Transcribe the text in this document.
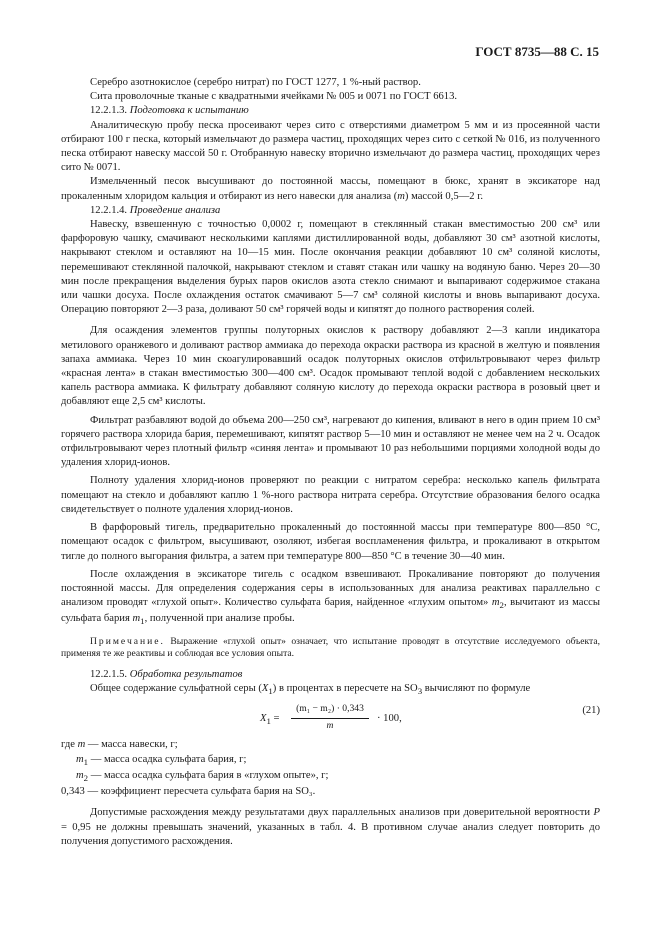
ГОСТ 8735—88 С. 15

Серебро азотнокислое (серебро нитрат) по ГОСТ 1277, 1 %-ный раствор.

Сита проволочные тканые с квадратными ячейками № 005 и 0071 по ГОСТ 6613.

12.2.1.3. Подготовка к испытанию

Аналитическую пробу песка просеивают через сито с отверстиями диаметром 5 мм и из просеянной части отбирают 100 г песка, который измельчают до размера частиц, проходящих через сито с сеткой № 016, из полученного песка отбирают навеску массой 50 г. Отобранную навеску вторично измельчают до размера частиц, проходящих через сито № 0071.

Измельченный песок высушивают до постоянной массы, помещают в бюкс, хранят в эксикаторе над прокаленным хлоридом кальция и отбирают из него навески для анализа (m) массой 0,5—2 г.

12.2.1.4. Проведение анализа

Навеску, взвешенную с точностью 0,0002 г, помещают в стеклянный стакан вместимостью 200 см³ или фарфоровую чашку, смачивают несколькими каплями дистиллированной воды, добавляют 30 см³ азотной кислоты, накрывают стеклом и оставляют на 10—15 мин. После окончания реакции добавляют 10 см³ соляной кислоты, перемешивают стеклянной палочкой, накрывают стеклом и ставят стакан или чашку на водяную баню. Через 20—30 мин после прекращения выделения бурых паров окислов азота стекло снимают и выпаривают содержимое стакана или чашки досуха. После охлаждения остаток смачивают 5—7 см³ соляной кислоты и вновь выпаривают досуха. Операцию повторяют 2—3 раза, доливают 50 см³ горячей воды и кипятят до полного растворения солей.

Для осаждения элементов группы полуторных окислов к раствору добавляют 2—3 капли индикатора метилового оранжевого и доливают раствор аммиака до перехода окраски раствора из красной в желтую и появления запаха аммиака. Через 10 мин скоагулировавший осадок полуторных окислов отфильтровывают через фильтр «красная лента» в стакан вместимостью 300—400 см³. Осадок промывают теплой водой с добавлением нескольких капель раствора аммиака. К фильтрату добавляют соляную кислоту до перехода окраски раствора в розовый цвет и добавляют еще 2,5 см³ кислоты.

Фильтрат разбавляют водой до объема 200—250 см³, нагревают до кипения, вливают в него в один прием 10 см³ горячего раствора хлорида бария, перемешивают, кипятят раствор 5—10 мин и оставляют не менее чем на 2 ч. Осадок отфильтровывают через плотный фильтр «синяя лента» и промывают 10 раз небольшими порциями холодной воды до удаления хлорид-ионов.

Полноту удаления хлорид-ионов проверяют по реакции с нитратом серебра: несколько капель фильтрата помещают на стекло и добавляют каплю 1 %-ного раствора нитрата серебра. Отсутствие образования белого осадка свидетельствует о полноте удаления хлорид-ионов.

В фарфоровый тигель, предварительно прокаленный до постоянной массы при температуре 800—850 °С, помещают осадок с фильтром, высушивают, озоляют, избегая воспламенения фильтра, и прокаливают в открытом тигле до полного выгорания фильтра, а затем при температуре 800—850 °С в течение 30—40 мин.

После охлаждения в эксикаторе тигель с осадком взвешивают. Прокаливание повторяют до получения постоянной массы. Для определения содержания серы в использованных для анализа реактивах параллельно с анализом проводят «глухой опыт». Количество сульфата бария, найденное «глухим опытом» $m_2$, вычитают из массы сульфата бария $m_1$, полученной при анализе пробы.

Примечание. Выражение «глухой опыт» означает, что испытание проводят в отсутствие исследуемого объекта, применяя те же реактивы и соблюдая все условия опыта.

12.2.1.5. Обработка результатов

Общее содержание сульфатной серы $(X_1)$ в процентах в пересчете на $SO_3$ вычисляют по формуле

$X_1 = \frac{\text{(m₁ − m₂) · 0,343}}{m} \cdot 100$,
(21)

где m — масса навески, г;

$m_1$ — масса осадка сульфата бария, г;

$m_2$ — масса осадка сульфата бария в «глухом опыте», г;

0,343 — коэффициент пересчета сульфата бария на SO₃.

Допустимые расхождения между результатами двух параллельных анализов при доверительной вероятности P = 0,95 не должны превышать значений, указанных в табл. 4. В противном случае анализ следует повторить до получения допустимого расхождения.
